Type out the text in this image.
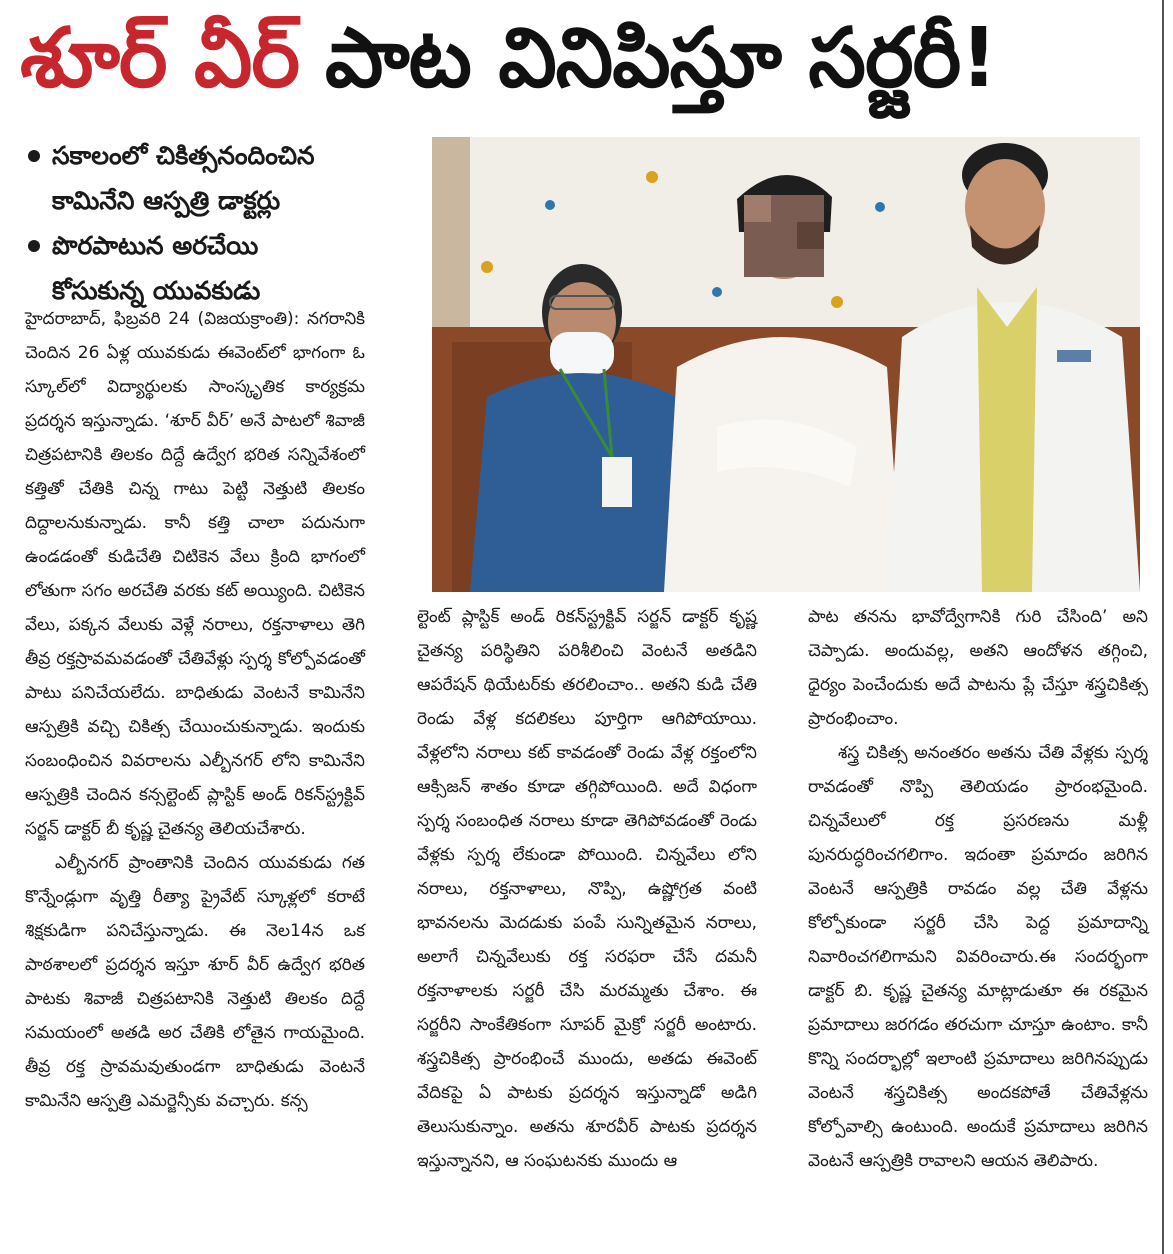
శూర్ వీర్ పాట వినిపిస్తూ సర్జరీ!
సకాలంలో చికిత్సనందించిన
కామినేని ఆస్పత్రి డాక్టర్లు
పొరపాటున అరచేయి
కోసుకున్న యువకుడు

హైదరాబాద్, ఫిబ్రవరి 24 (విజయక్రాంతి): నగరానికి చెందిన 26 ఏళ్ల యువకుడు ఈవెంట్‌లో భాగంగా ఓ స్కూల్‌లో విద్యార్థులకు సాంస్కృతిక కార్యక్రమ ప్రదర్శన ఇస్తున్నాడు. ‘శూర్ వీర్’ అనే పాటలో శివాజీ చిత్రపటానికి తిలకం దిద్దే ఉద్వేగ భరిత సన్నివేశంలో కత్తితో చేతికి చిన్న గాటు పెట్టి నెత్తుటి తిలకం దిద్దాలనుకున్నాడు. కానీ కత్తి చాలా పదునుగా ఉండడంతో కుడిచేతి చిటికెన వేలు క్రింది భాగంలో లోతుగా సగం అరచేతి వరకు కట్ అయ్యింది. చిటికెన వేలు, పక్కన వేలుకు వెళ్లే నరాలు, రక్తనాళాలు తెగి తీవ్ర రక్తస్రావమవడంతో చేతివేళ్లు స్పర్శ కోల్పోవడంతో పాటు పనిచేయలేదు. బాధితుడు వెంటనే కామినేని ఆస్పత్రికి వచ్చి చికిత్స చేయించుకున్నాడు. ఇందుకు సంబంధించిన వివరాలను ఎల్బీనగర్ లోని కామినేని ఆస్పత్రికి చెందిన కన్సల్టెంట్ ప్లాస్టిక్ అండ్ రికన్‌స్ట్రక్టివ్ సర్జన్ డాక్టర్ బీ కృష్ణ చైతన్య తెలియచేశారు.

ఎల్బీనగర్ ప్రాంతానికి చెందిన యువకుడు గత కొన్నేండ్లుగా వృత్తి రీత్యా ప్రైవేట్ స్కూళ్లలో కరాటే శిక్షకుడిగా పనిచేస్తున్నాడు. ఈ నెల14న ఒక పాఠశాలలో ప్రదర్శన ఇస్తూ శూర్ వీర్ ఉద్వేగ భరిత పాటకు శివాజీ చిత్రపటానికి నెత్తుటి తిలకం దిద్దే సమయంలో అతడి అర చేతికి లోతైన గాయమైంది. తీవ్ర రక్త స్రావమవుతుండగా బాధితుడు వెంటనే కామినేని ఆస్పత్రి ఎమర్జెన్సీకు వచ్చారు. కన్స

ల్టెంట్ ప్లాస్టిక్ అండ్ రికన్‌స్ట్రక్టివ్ సర్జన్ డాక్టర్ కృష్ణ చైతన్య పరిస్థితిని పరిశీలించి వెంటనే అతడిని ఆపరేషన్ థియేటర్‌కు తరలించాం.. అతని కుడి చేతి రెండు వేళ్ల కదలికలు పూర్తిగా ఆగిపోయాయి. వేళ్లలోని నరాలు కట్ కావడంతో రెండు వేళ్ల రక్తంలోని ఆక్సిజన్ శాతం కూడా తగ్గిపోయింది. అదే విధంగా స్పర్శ సంబంధిత నరాలు కూడా తెగిపోవడంతో రెండు వేళ్లకు స్పర్శ లేకుండా పోయింది. చిన్నవేలు లోని నరాలు, రక్తనాళాలు, నొప్పి, ఉష్ణోగ్రత వంటి భావనలను మెదడుకు పంపే సున్నితమైన నరాలు, అలాగే చిన్నవేలుకు రక్త సరఫరా చేసే దమనీ రక్తనాళాలకు సర్జరీ చేసి మరమ్మతు చేశాం. ఈ సర్జరీని సాంకేతికంగా సూపర్ మైక్రో సర్జరీ అంటారు. శస్త్రచికిత్స ప్రారంభించే ముందు, అతడు ఈవెంట్ వేదికపై ఏ పాటకు ప్రదర్శన ఇస్తున్నాడో అడిగి తెలుసుకున్నాం. అతను శూరవీర్ పాటకు ప్రదర్శన ఇస్తున్నానని, ఆ సంఘటనకు ముందు ఆ

పాట తనను భావోద్వేగానికి గురి చేసింది’ అని చెప్పాడు. అందువల్ల, అతని ఆందోళన తగ్గించి, ధైర్యం పెంచేందుకు అదే పాటను ప్లే చేస్తూ శస్త్రచికిత్స ప్రారంభించాం.

శస్త్ర చికిత్స అనంతరం అతను చేతి వేళ్లకు స్పర్శ రావడంతో నొప్పి తెలియడం ప్రారంభమైంది. చిన్నవేలులో రక్త ప్రసరణను మళ్లీ పునరుద్ధరించగలిగాం. ఇదంతా ప్రమాదం జరిగిన వెంటనే ఆస్పత్రికి రావడం వల్ల చేతి వేళ్లను కోల్పోకుండా సర్జరీ చేసి పెద్ద ప్రమాదాన్ని నివారించగలిగామని వివరించారు.ఈ సందర్భంగా డాక్టర్ బి. కృష్ణ చైతన్య మాట్లాడుతూ ఈ రకమైన ప్రమాదాలు జరగడం తరచుగా చూస్తూ ఉంటాం. కానీ కొన్ని సందర్భాల్లో ఇలాంటి ప్రమాదాలు జరిగినప్పుడు వెంటనే శస్త్రచికిత్స అందకపోతే చేతివేళ్లను కోల్పోవాల్సి ఉంటుంది. అందుకే ప్రమాదాలు జరిగిన వెంటనే ఆస్పత్రికి రావాలని ఆయన తెలిపారు.
